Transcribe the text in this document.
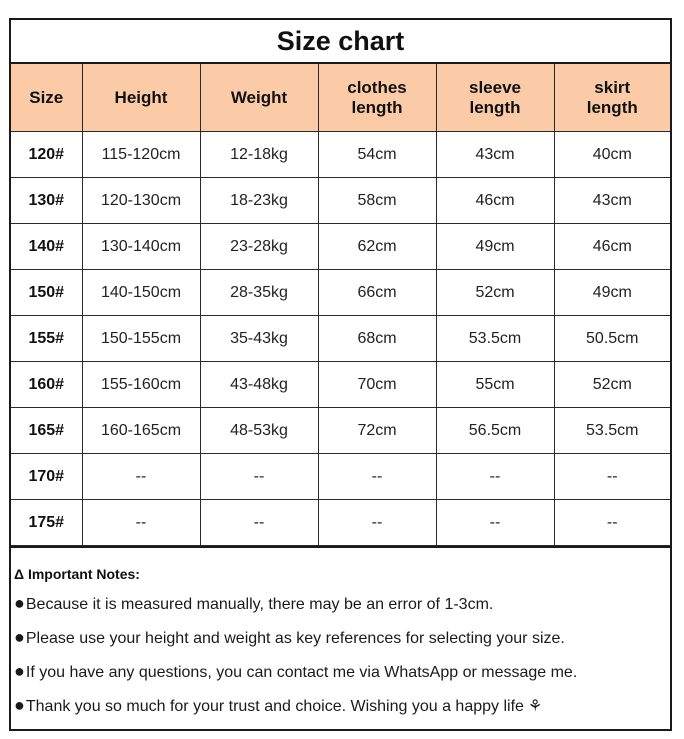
Size chart
Size	Height	Weight	clothes length	sleeve length	skirt length
120#	115-120cm	12-18kg	54cm	43cm	40cm
130#	120-130cm	18-23kg	58cm	46cm	43cm
140#	130-140cm	23-28kg	62cm	49cm	46cm
150#	140-150cm	28-35kg	66cm	52cm	49cm
155#	150-155cm	35-43kg	68cm	53.5cm	50.5cm
160#	155-160cm	43-48kg	70cm	55cm	52cm
165#	160-165cm	48-53kg	72cm	56.5cm	53.5cm
170#	--	--	--	--	--
175#	--	--	--	--	--
Δ Important Notes:
●Because it is measured manually, there may be an error of 1-3cm.
●Please use your height and weight as key references for selecting your size.
●If you have any questions, you can contact me via WhatsApp or message me.
●Thank you so much for your trust and choice. Wishing you a happy life ⚘
